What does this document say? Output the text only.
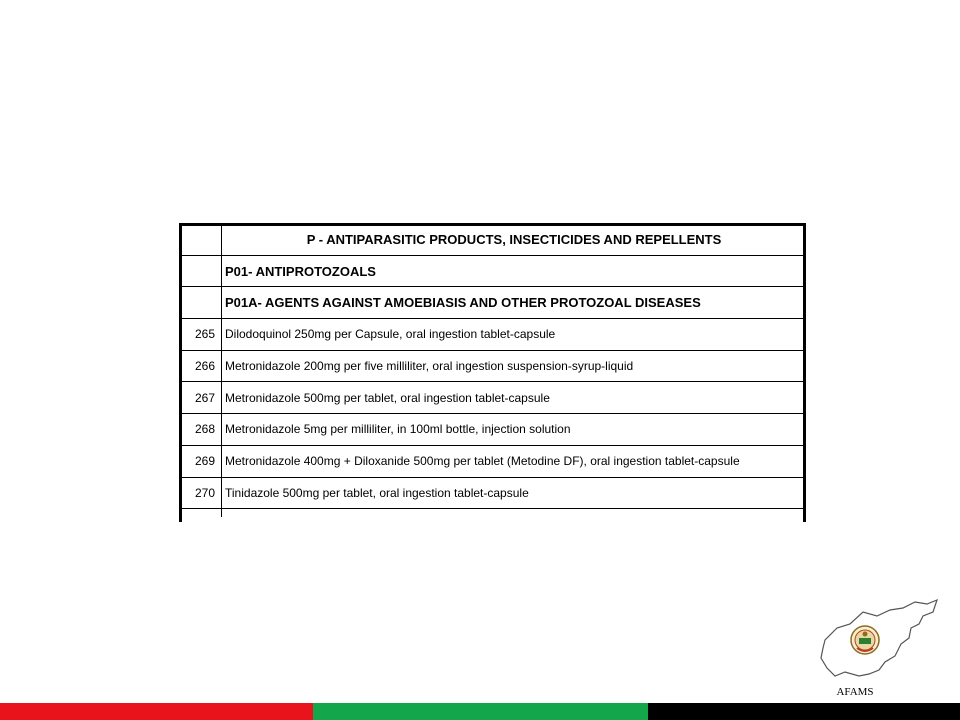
	P - ANTIPARASITIC PRODUCTS, INSECTICIDES AND REPELLENTS
	P01- ANTIPROTOZOALS
	P01A- AGENTS AGAINST AMOEBIASIS AND OTHER PROTOZOAL DISEASES
265	Dilodoquinol 250mg per Capsule, oral ingestion tablet-capsule
266	Metronidazole 200mg per five milliliter, oral ingestion suspension-syrup-liquid
267	Metronidazole 500mg per tablet, oral ingestion tablet-capsule
268	Metronidazole 5mg per milliliter, in 100ml bottle, injection solution
269	Metronidazole 400mg + Diloxanide 500mg per tablet (Metodine DF), oral ingestion tablet-capsule
270	Tinidazole 500mg per tablet, oral ingestion tablet-capsule

AFAMS
